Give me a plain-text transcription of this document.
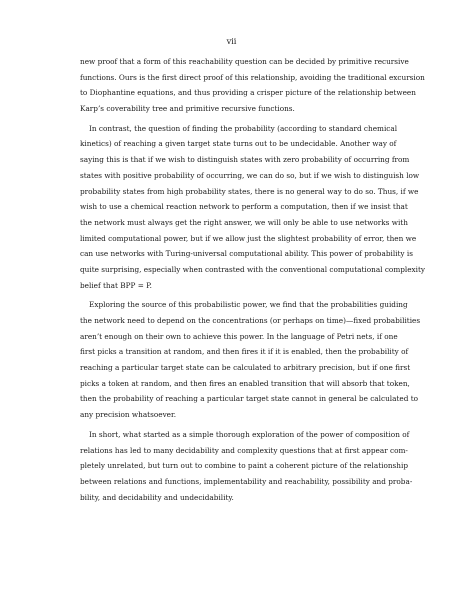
vii
new proof that a form of this reachability question can be decided by primitive recursive
functions. Ours is the first direct proof of this relationship, avoiding the traditional excursion
to Diophantine equations, and thus providing a crisper picture of the relationship between
Karp’s coverability tree and primitive recursive functions.
In contrast, the question of finding the probability (according to standard chemical
kinetics) of reaching a given target state turns out to be undecidable. Another way of
saying this is that if we wish to distinguish states with zero probability of occurring from
states with positive probability of occurring, we can do so, but if we wish to distinguish low
probability states from high probability states, there is no general way to do so. Thus, if we
wish to use a chemical reaction network to perform a computation, then if we insist that
the network must always get the right answer, we will only be able to use networks with
limited computational power, but if we allow just the slightest probability of error, then we
can use networks with Turing-universal computational ability. This power of probability is
quite surprising, especially when contrasted with the conventional computational complexity
belief that BPP = P.
Exploring the source of this probabilistic power, we find that the probabilities guiding
the network need to depend on the concentrations (or perhaps on time)—fixed probabilities
aren’t enough on their own to achieve this power. In the language of Petri nets, if one
first picks a transition at random, and then fires it if it is enabled, then the probability of
reaching a particular target state can be calculated to arbitrary precision, but if one first
picks a token at random, and then fires an enabled transition that will absorb that token,
then the probability of reaching a particular target state cannot in general be calculated to
any precision whatsoever.
In short, what started as a simple thorough exploration of the power of composition of
relations has led to many decidability and complexity questions that at first appear com-
pletely unrelated, but turn out to combine to paint a coherent picture of the relationship
between relations and functions, implementability and reachability, possibility and proba-
bility, and decidability and undecidability.
